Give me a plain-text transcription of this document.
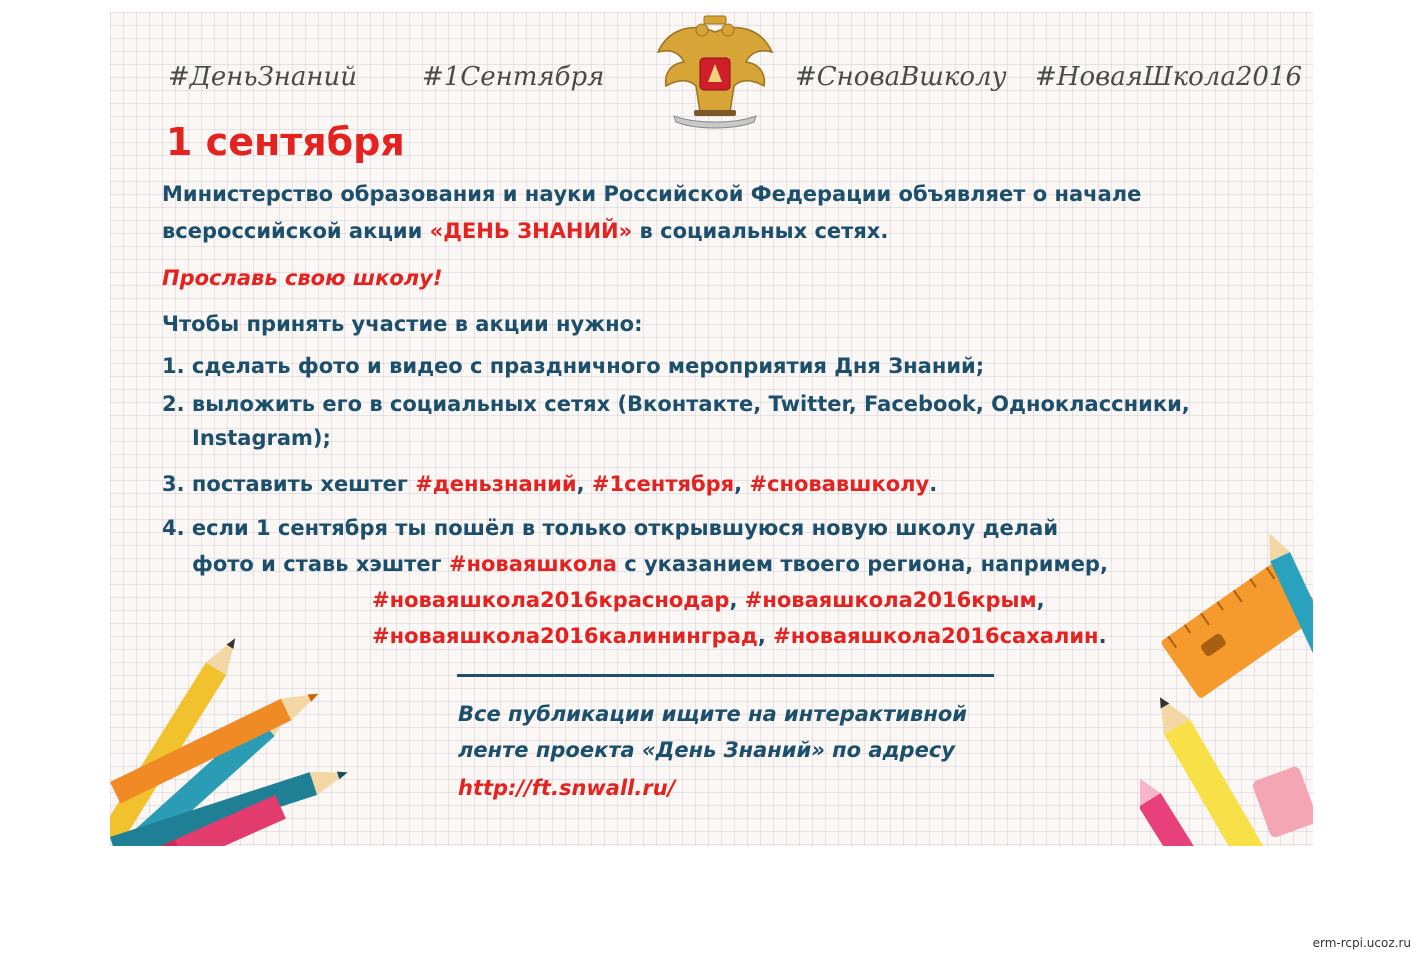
#ДеньЗнаний #1Сентября	#СноваВшколу #НоваяШкола2016
1 сентября
Министерство образования и науки Российской Федерации объявляет о начале
всероссийской акции «ДЕНЬ ЗНАНИЙ» в социальных сетях.
Прославь свою школу!
Чтобы принять участие в акции нужно:
1. сделать фото и видео с праздничного мероприятия Дня Знаний;
2. выложить его в социальных сетях (Вконтакте, Twitter, Facebook, Одноклассники,
Instagram);
3. поставить хештег #деньзнаний, #1сентября, #сновавшколу.
4. если 1 сентября ты пошёл в только открывшуюся новую школу делай
фото и ставь хэштег #новаяшкола с указанием твоего региона, например,
#новаяшкола2016краснодар, #новаяшкола2016крым,
#новаяшкола2016калининград, #новаяшкола2016сахалин.
Все публикации ищите на интерактивной
ленте проекта «День Знаний» по адресу
http://ft.snwall.ru/
erm-rcpi.ucoz.ru
